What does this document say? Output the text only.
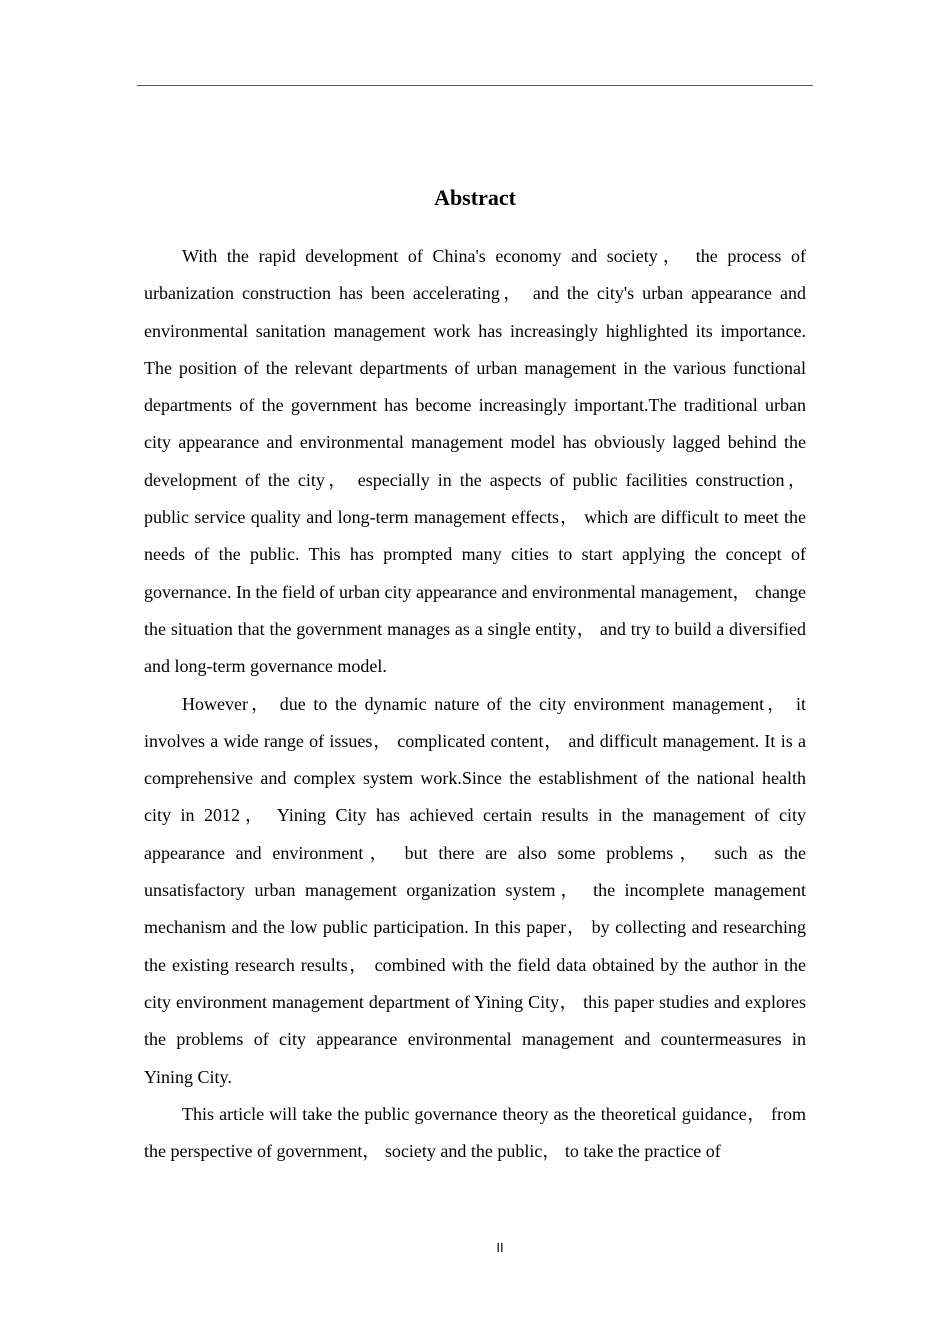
Abstract

With the rapid development of China's economy and society， the process of urbanization construction has been accelerating， and the city's urban appearance and environmental sanitation management work has increasingly highlighted its importance. The position of the relevant departments of urban management in the various functional departments of the government has become increasingly important.The traditional urban city appearance and environmental management model has obviously lagged behind the development of the city， especially in the aspects of public facilities construction， public service quality and long-term management effects， which are difficult to meet the needs of the public. This has prompted many cities to start applying the concept of governance. In the field of urban city appearance and environmental management， change the situation that the government manages as a single entity， and try to build a diversified and long-term governance model.

However， due to the dynamic nature of the city environment management， it involves a wide range of issues， complicated content， and difficult management. It is a comprehensive and complex system work.Since the establishment of the national health city in 2012， Yining City has achieved certain results in the management of city appearance and environment， but there are also some problems， such as the unsatisfactory urban management organization system， the incomplete management mechanism and the low public participation. In this paper， by collecting and researching the existing research results， combined with the field data obtained by the author in the city environment management department of Yining City， this paper studies and explores the problems of city appearance environmental management and countermeasures in Yining City.

This article will take the public governance theory as the theoretical guidance， from the perspective of government， society and the public， to take the practice of

II
